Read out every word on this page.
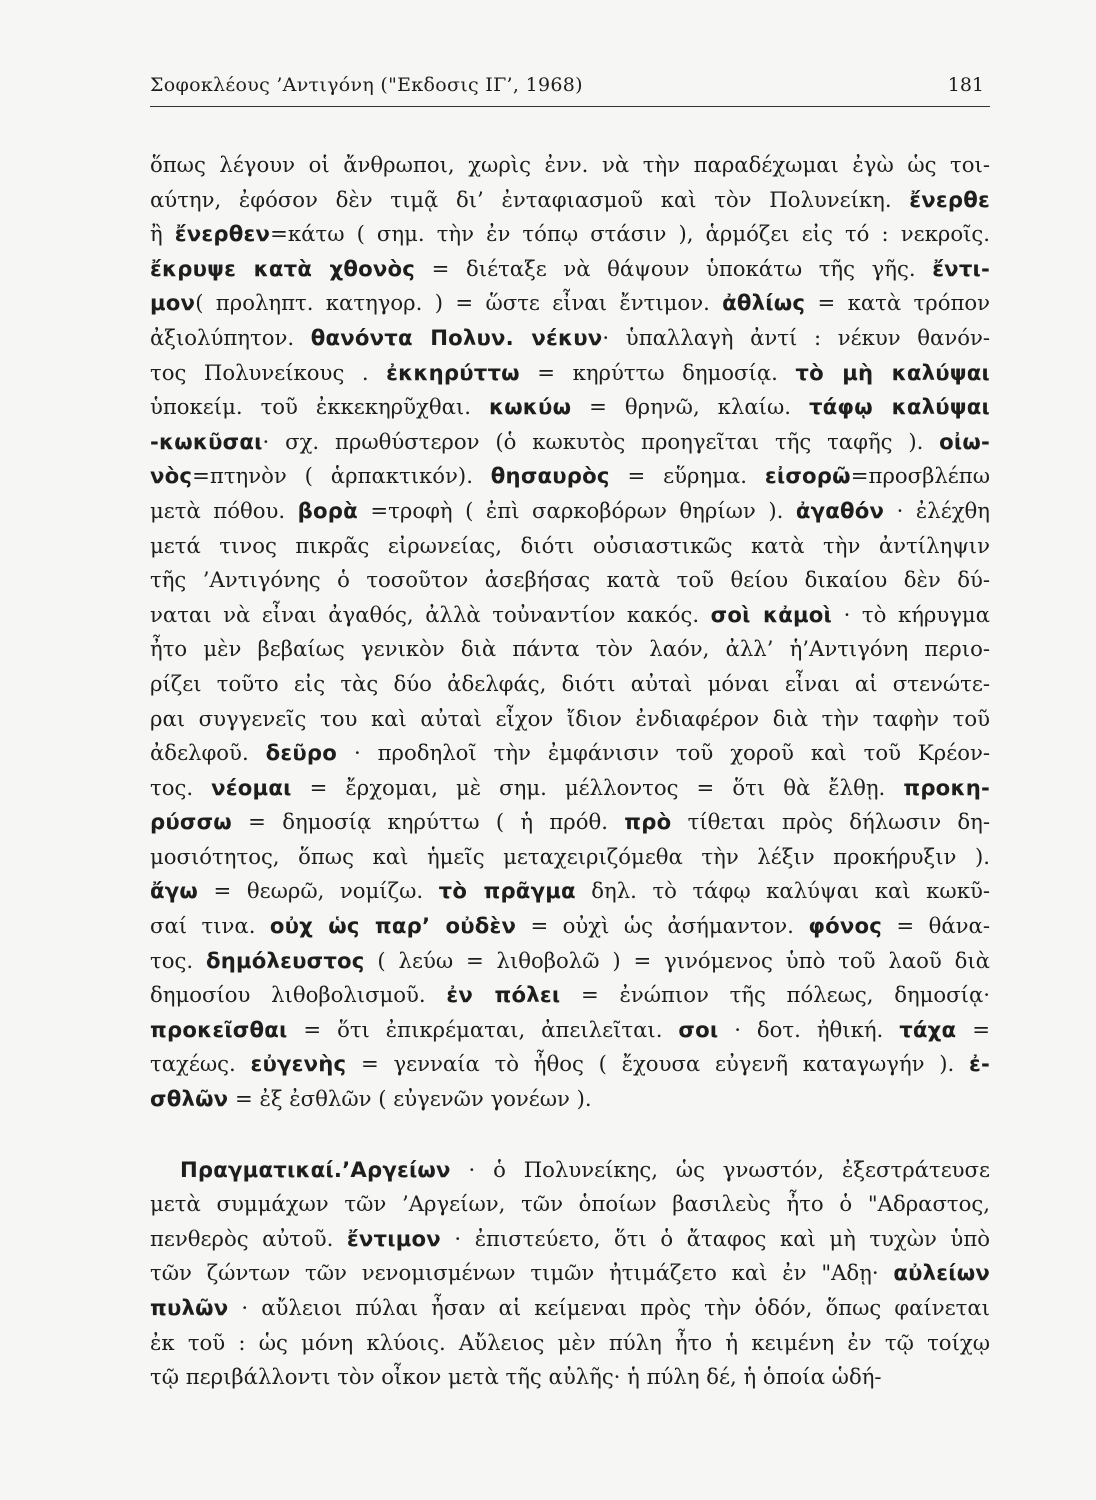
Σοφοκλέους ’Αντιγόνη ("Εκδοσις ΙΓ’, 1968)	181
ὅπως λέγουν οἱ ἄνθρωποι, χωρὶς ἐνν. νὰ τὴν παραδέχωμαι ἐγὼ ὡς τοι-
αύτην, ἐφόσον δὲν τιμᾷ δι’ ἐνταφιασμοῦ καὶ τὸν Πολυνείκη. ἔνερθε
ἢ ἔνερθεν=κάτω ( σημ. τὴν ἐν τόπῳ στάσιν ), ἁρμόζει εἰς τό : νεκροῖς.
ἔκρυψε κατὰ χθονὸς = διέταξε νὰ θάψουν ὑποκάτω τῆς γῆς. ἔντι-
μον( προληπτ. κατηγορ. ) = ὥστε εἶναι ἔντιμον. ἀθλίως = κατὰ τρόπον
ἀξιολύπητον. θανόντα Πολυν. νέκυν· ὑπαλλαγὴ ἀντί : νέκυν θανόν-
τος Πολυνείκους . ἐκκηρύττω = κηρύττω δημοσίᾳ. τὸ μὴ καλύψαι
ὑποκείμ. τοῦ ἐκκεκηρῦχθαι. κωκύω = θρηνῶ, κλαίω. τάφῳ καλύψαι
-κωκῦσαι· σχ. πρωθύστερον (ὁ κωκυτὸς προηγεῖται τῆς ταφῆς ). οἰω-
νὸς=πτηνὸν ( ἁρπακτικόν). θησαυρὸς = εὕρημα. εἰσορῶ=προσβλέπω
μετὰ πόθου. βορὰ =τροφὴ ( ἐπὶ σαρκοβόρων θηρίων ). ἀγαθόν · ἐλέχθη
μετά τινος πικρᾶς εἰρωνείας, διότι οὐσιαστικῶς κατὰ τὴν ἀντίληψιν
τῆς ’Αντιγόνης ὁ τοσοῦτον ἀσεβήσας κατὰ τοῦ θείου δικαίου δὲν δύ-
ναται νὰ εἶναι ἀγαθός, ἀλλὰ τοὐναντίον κακός. σοὶ κἀμοὶ · τὸ κήρυγμα
ἦτο μὲν βεβαίως γενικὸν διὰ πάντα τὸν λαόν, ἀλλ’ ἡ’Αντιγόνη περιο-
ρίζει τοῦτο εἰς τὰς δύο ἀδελφάς, διότι αὐταὶ μόναι εἶναι αἱ στενώτε-
ραι συγγενεῖς του καὶ αὐταὶ εἶχον ἴδιον ἐνδιαφέρον διὰ τὴν ταφὴν τοῦ
ἀδελφοῦ. δεῦρο · προδηλοῖ τὴν ἐμφάνισιν τοῦ χοροῦ καὶ τοῦ Κρέον-
τος. νέομαι = ἔρχομαι, μὲ σημ. μέλλοντος = ὅτι θὰ ἔλθῃ. προκη-
ρύσσω = δημοσίᾳ κηρύττω ( ἡ πρόθ. πρὸ τίθεται πρὸς δήλωσιν δη-
μοσιότητος, ὅπως καὶ ἡμεῖς μεταχειριζόμεθα τὴν λέξιν προκήρυξιν ).
ἄγω = θεωρῶ, νομίζω. τὸ πρᾶγμα δηλ. τὸ τάφῳ καλύψαι καὶ κωκῦ-
σαί τινα. οὐχ ὡς παρ’ οὐδὲν = οὐχὶ ὡς ἀσήμαντον. φόνος = θάνα-
τος. δημόλευστος ( λεύω = λιθοβολῶ ) = γινόμενος ὑπὸ τοῦ λαοῦ διὰ
δημοσίου λιθοβολισμοῦ. ἐν πόλει = ἐνώπιον τῆς πόλεως, δημοσίᾳ·
προκεῖσθαι = ὅτι ἐπικρέμαται, ἀπειλεῖται. σοι · δοτ. ἠθική. τάχα =
ταχέως. εὐγενὴς = γενναία τὸ ἦθος ( ἔχουσα εὐγενῆ καταγωγήν ). ἐ-
σθλῶν = ἐξ ἐσθλῶν ( εὐγενῶν γονέων ).
Πραγματικαί.’Αργείων · ὁ Πολυνείκης, ὡς γνωστόν, ἐξεστράτευσε
μετὰ συμμάχων τῶν ’Αργείων, τῶν ὁποίων βασιλεὺς ἦτο ὁ "Αδραστος,
πενθερὸς αὐτοῦ. ἔντιμον · ἐπιστεύετο, ὅτι ὁ ἄταφος καὶ μὴ τυχὼν ὑπὸ
τῶν ζώντων τῶν νενομισμένων τιμῶν ἠτιμάζετο καὶ ἐν "Αδῃ· αὐλείων
πυλῶν · αὔλειοι πύλαι ἦσαν αἱ κείμεναι πρὸς τὴν ὁδόν, ὅπως φαίνεται
ἐκ τοῦ : ὡς μόνη κλύοις. Αὔλειος μὲν πύλη ἦτο ἡ κειμένη ἐν τῷ τοίχῳ
τῷ περιβάλλοντι τὸν οἶκον μετὰ τῆς αὐλῆς· ἡ πύλη δέ, ἡ ὁποία ὡδή-
